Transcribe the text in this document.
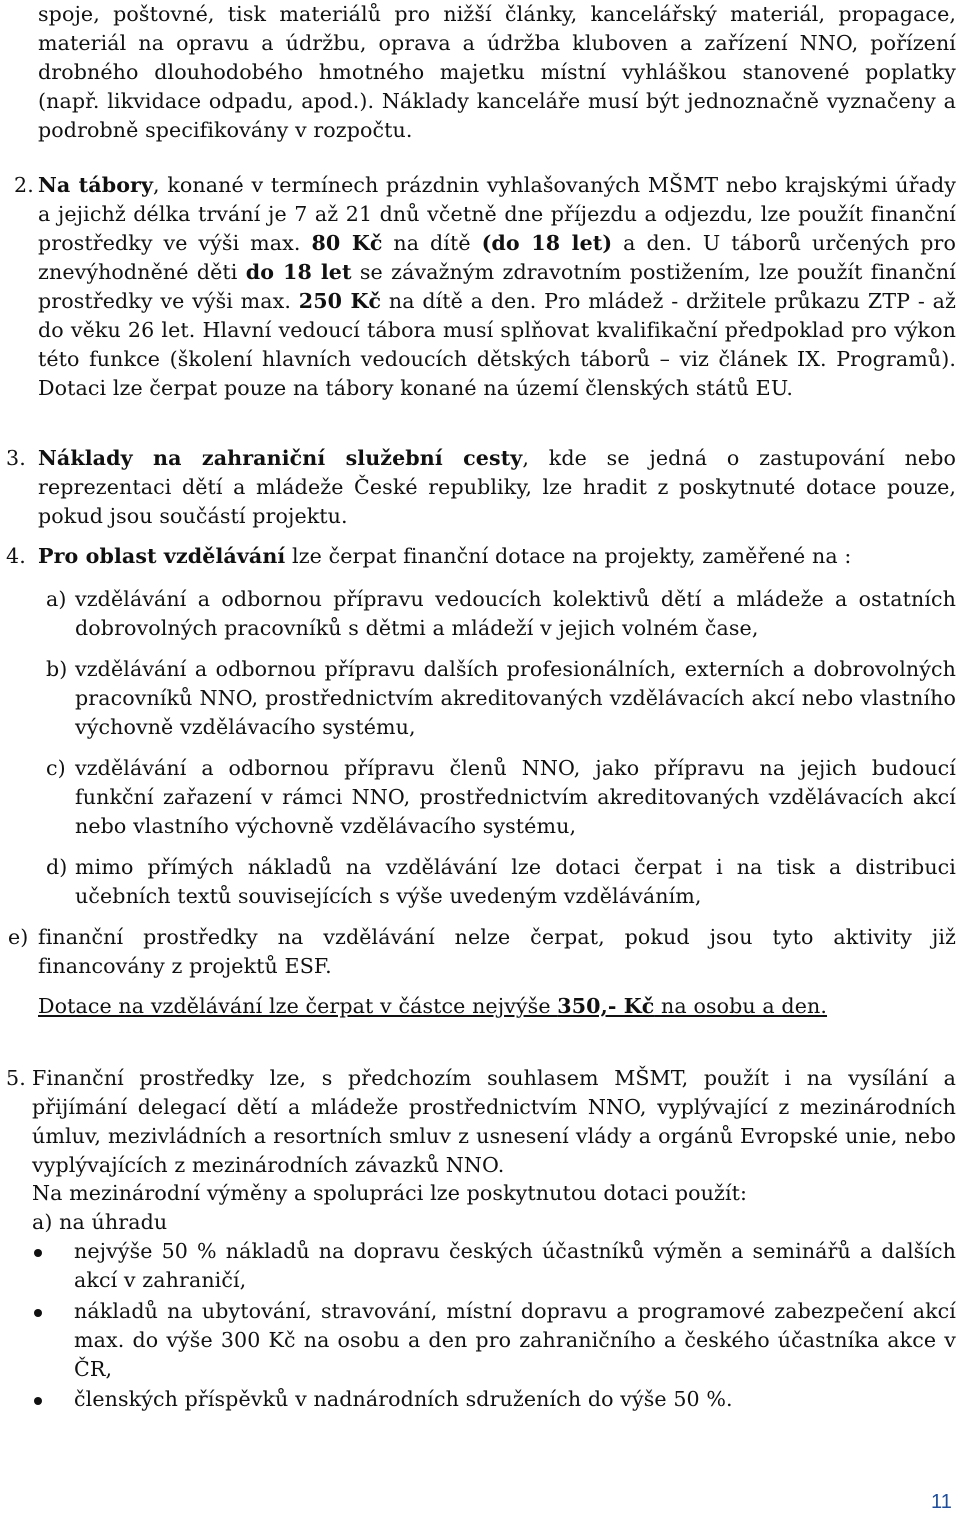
spoje, poštovné, tisk materiálů pro nižší články, kancelářský materiál, propagace, materiál na opravu a údržbu, oprava a údržba kluboven a zařízení NNO, pořízení drobného dlouhodobého hmotného majetku místní vyhláškou stanovené poplatky (např. likvidace odpadu, apod.). Náklady kanceláře musí být jednoznačně vyznačeny a podrobně specifikovány v rozpočtu.
2. Na tábory, konané v termínech prázdnin vyhlašovaných MŠMT nebo krajskými úřady a jejichž délka trvání je 7 až 21 dnů včetně dne příjezdu a odjezdu, lze použít finanční prostředky ve výši max. 80 Kč na dítě (do 18 let) a den. U táborů určených pro znevýhodněné děti do 18 let se závažným zdravotním postižením, lze použít finanční prostředky ve výši max. 250 Kč na dítě a den. Pro mládež - držitele průkazu ZTP - až do věku 26 let. Hlavní vedoucí tábora musí splňovat kvalifikační předpoklad pro výkon této funkce (školení hlavních vedoucích dětských táborů – viz článek IX. Programů). Dotaci lze čerpat pouze na tábory konané na území členských států EU.
3. Náklady na zahraniční služební cesty, kde se jedná o zastupování nebo reprezentaci dětí a mládeže České republiky, lze hradit z poskytnuté dotace pouze, pokud jsou součástí projektu.
4. Pro oblast vzdělávání lze čerpat finanční dotace na projekty, zaměřené na :
a) vzdělávání a odbornou přípravu vedoucích kolektivů dětí a mládeže a ostatních dobrovolných pracovníků s dětmi a mládeží v jejich volném čase,
b) vzdělávání a odbornou přípravu dalších profesionálních, externích a dobrovolných pracovníků NNO, prostřednictvím akreditovaných vzdělávacích akcí nebo vlastního výchovně vzdělávacího systému,
c) vzdělávání a odbornou přípravu členů NNO, jako přípravu na jejich budoucí funkční zařazení v rámci NNO, prostřednictvím akreditovaných vzdělávacích akcí nebo vlastního výchovně vzdělávacího systému,
d) mimo přímých nákladů na vzdělávání lze dotaci čerpat i na tisk a distribuci učebních textů souvisejících s výše uvedeným vzděláváním,
e) finanční prostředky na vzdělávání nelze čerpat, pokud jsou tyto aktivity již financovány z projektů ESF.
Dotace na vzdělávání lze čerpat v částce nejvýše 350,- Kč na osobu a den.
5. Finanční prostředky lze, s předchozím souhlasem MŠMT, použít i na vysílání a přijímání delegací dětí a mládeže prostřednictvím NNO, vyplývající z mezinárodních úmluv, mezivládních a resortních smluv z usnesení vlády a orgánů Evropské unie, nebo vyplývajících z mezinárodních závazků NNO.
Na mezinárodní výměny a spolupráci lze poskytnutou dotaci použít:
a) na úhradu
nejvýše 50 % nákladů na dopravu českých účastníků výměn a seminářů a dalších akcí v zahraničí,
nákladů na ubytování, stravování, místní dopravu a programové zabezpečení akcí max. do výše 300 Kč na osobu a den pro zahraničního a českého účastníka akce v ČR,
členských příspěvků v nadnárodních sdruženích do výše 50 %.
11
